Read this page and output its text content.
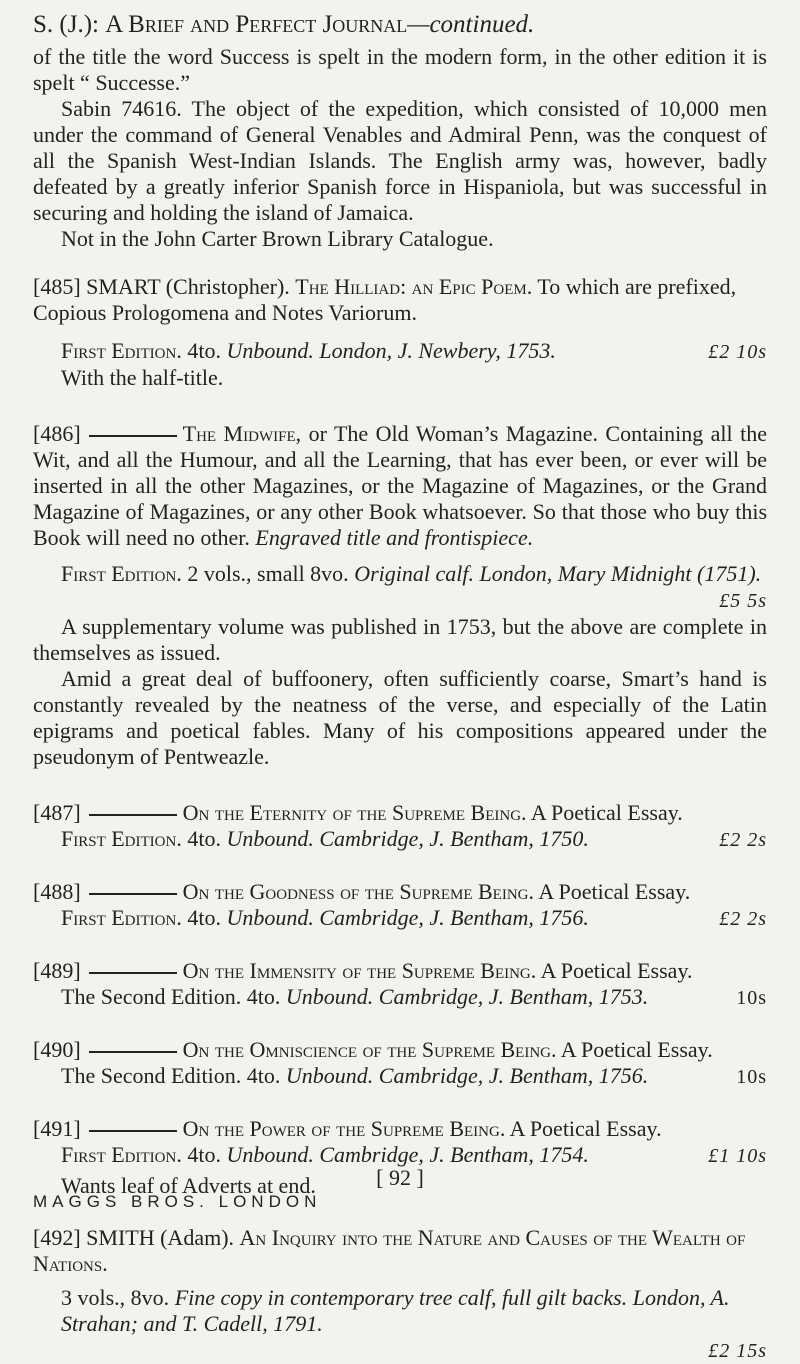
S. (J.): A Brief and Perfect Journal—continued.

of the title the word Success is spelt in the modern form, in the other edition it is spelt “ Successe.”

Sabin 74616. The object of the expedition, which consisted of 10,000 men under the command of General Venables and Admiral Penn, was the conquest of all the Spanish West-Indian Islands. The English army was, however, badly defeated by a greatly inferior Spanish force in Hispaniola, but was successful in securing and holding the island of Jamaica.

Not in the John Carter Brown Library Catalogue.

[485] SMART (Christopher). The Hilliad: an Epic Poem. To which are prefixed, Copious Prologomena and Notes Variorum.

First Edition. 4to. Unbound. London, J. Newbery, 1753.	£2 10s

With the half-title.

[486]	The Midwife, or The Old Woman’s Magazine. Containing all the Wit, and all the Humour, and all the Learning, that has ever been, or ever will be inserted in all the other Magazines, or the Magazine of Magazines, or the Grand Magazine of Magazines, or any other Book whatsoever. So that those who buy this Book will need no other. Engraved title and frontispiece.

First Edition. 2 vols., small 8vo. Original calf. London, Mary Midnight (1751).

£5 5s

A supplementary volume was published in 1753, but the above are complete in themselves as issued.

Amid a great deal of buffoonery, often sufficiently coarse, Smart’s hand is constantly revealed by the neatness of the verse, and especially of the Latin epigrams and poetical fables. Many of his compositions appeared under the pseudonym of Pentweazle.

[487]	On the Eternity of the Supreme Being. A Poetical Essay.

First Edition. 4to. Unbound. Cambridge, J. Bentham, 1750.	£2 2s

[488]	On the Goodness of the Supreme Being. A Poetical Essay.

First Edition. 4to. Unbound. Cambridge, J. Bentham, 1756.	£2 2s

[489]	On the Immensity of the Supreme Being. A Poetical Essay.

The Second Edition. 4to. Unbound. Cambridge, J. Bentham, 1753.	10s

[490]	On the Omniscience of the Supreme Being. A Poetical Essay.

The Second Edition. 4to. Unbound. Cambridge, J. Bentham, 1756.	10s

[491]	On the Power of the Supreme Being. A Poetical Essay.

First Edition. 4to. Unbound. Cambridge, J. Bentham, 1754.	£1 10s

Wants leaf of Adverts at end.

[492] SMITH (Adam). An Inquiry into the Nature and Causes of the Wealth of Nations.

3 vols., 8vo. Fine copy in contemporary tree calf, full gilt backs. London, A. Strahan; and T. Cadell, 1791.

£2 15s
[ 92 ]
MAGGS BROS. LONDON
